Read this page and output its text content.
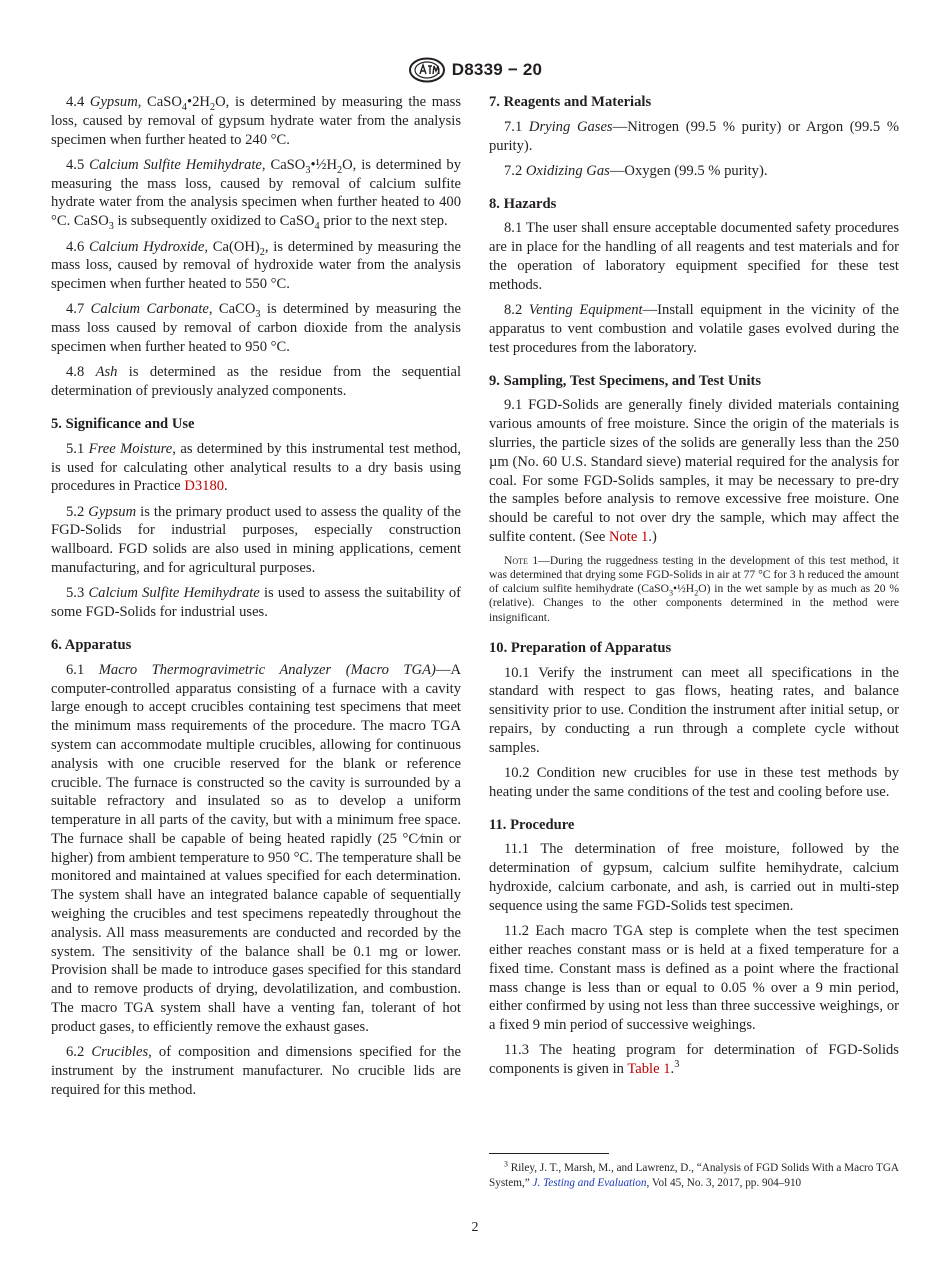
D8339 − 20

4.4 Gypsum, $CaSO_4•2H_2O$, is determined by measuring the mass loss, caused by removal of gypsum hydrate water from the analysis specimen when further heated to 240 °C.

4.5 Calcium Sulfite Hemihydrate, $CaSO_3•\frac{1}{2}H_2O$, is determined by measuring the mass loss, caused by removal of calcium sulfite hydrate water from the analysis specimen when further heated to 400 °C. CaSO$_3$ is subsequently oxidized to CaSO$_4$ prior to the next step.

4.6 Calcium Hydroxide, $Ca(OH)_2$, is determined by measuring the mass loss, caused by removal of hydroxide water from the analysis specimen when further heated to 550 °C.

4.7 Calcium Carbonate, CaCO$_3$ is determined by measuring the mass loss caused by removal of carbon dioxide from the analysis specimen when further heated to 950 °C.

4.8 Ash is determined as the residue from the sequential determination of previously analyzed components.

5. Significance and Use

5.1 Free Moisture, as determined by this instrumental test method, is used for calculating other analytical results to a dry basis using procedures in Practice D3180.

5.2 Gypsum is the primary product used to assess the quality of the FGD-Solids for industrial purposes, especially construction wallboard. FGD solids are also used in mining applications, cement manufacturing, and for agricultural purposes.

5.3 Calcium Sulfite Hemihydrate is used to assess the suitability of some FGD-Solids for industrial uses.

6. Apparatus

6.1 Macro Thermogravimetric Analyzer (Macro TGA)—A computer-controlled apparatus consisting of a furnace with a cavity large enough to accept crucibles containing test specimens that meet the minimum mass requirements of the procedure. The macro TGA system can accommodate multiple crucibles, allowing for continuous analysis with one crucible reserved for the blank or reference crucible. The furnace is constructed so the cavity is surrounded by a suitable refractory and insulated so as to develop a uniform temperature in all parts of the cavity, but with a minimum free space. The furnace shall be capable of being heated rapidly (25 °C⁄min or higher) from ambient temperature to 950 °C. The temperature shall be monitored and maintained at values specified for each determination. The system shall have an integrated balance capable of sequentially weighing the crucibles and test specimens repeatedly throughout the analysis. All mass measurements are conducted and recorded by the system. The sensitivity of the balance shall be 0.1 mg or lower. Provision shall be made to introduce gases specified for this standard and to remove products of drying, devolatilization, and combustion. The macro TGA system shall have a venting fan, tolerant of hot product gases, to efficiently remove the exhaust gases.

6.2 Crucibles, of composition and dimensions specified for the instrument by the instrument manufacturer. No crucible lids are required for this method.

7. Reagents and Materials

7.1 Drying Gases—Nitrogen (99.5 % purity) or Argon (99.5 % purity).

7.2 Oxidizing Gas—Oxygen (99.5 % purity).

8. Hazards

8.1 The user shall ensure acceptable documented safety procedures are in place for the handling of all reagents and test materials and for the operation of laboratory equipment specified for these test methods.

8.2 Venting Equipment—Install equipment in the vicinity of the apparatus to vent combustion and volatile gases evolved during the test procedures from the laboratory.

9. Sampling, Test Specimens, and Test Units

9.1 FGD-Solids are generally finely divided materials containing various amounts of free moisture. Since the origin of the materials is slurries, the particle sizes of the solids are generally less than the 250 µm (No. 60 U.S. Standard sieve) material required for the analysis for coal. For some FGD-Solids samples, it may be necessary to pre-dry the samples before analysis to remove excessive free moisture. One should be careful to not over dry the sample, which may affect the sulfite content. (See Note 1.)

Note 1—During the ruggedness testing in the development of this test method, it was determined that drying some FGD-Solids in air at 77 °C for 3 h reduced the amount of calcium sulfite hemihydrate $(CaSO_3•\frac{1}{2}H_2O)$ in the wet sample by as much as 20 % (relative). Changes to the other components determined in the method were insignificant.

10. Preparation of Apparatus

10.1 Verify the instrument can meet all specifications in the standard with respect to gas flows, heating rates, and balance sensitivity prior to use. Condition the instrument after initial setup, or repairs, by conducting a run through a complete cycle without samples.

10.2 Condition new crucibles for use in these test methods by heating under the same conditions of the test and cooling before use.

11. Procedure

11.1 The determination of free moisture, followed by the determination of gypsum, calcium sulfite hemihydrate, calcium hydroxide, calcium carbonate, and ash, is carried out in multi-step sequence using the same FGD-Solids test specimen.

11.2 Each macro TGA step is complete when the test specimen either reaches constant mass or is held at a fixed temperature for a fixed time. Constant mass is defined as a point where the fractional mass change is less than or equal to 0.05 % over a 9 min period, either confirmed by using not less than three successive weighings, or a fixed 9 min period of successive weighings.

11.3 The heating program for determination of FGD-Solids components is given in Table 1.$^3$

$^3$ Riley, J. T., Marsh, M., and Lawrenz, D., “Analysis of FGD Solids With a Macro TGA System,” J. Testing and Evaluation, Vol 45, No. 3, 2017, pp. 904–910

2
